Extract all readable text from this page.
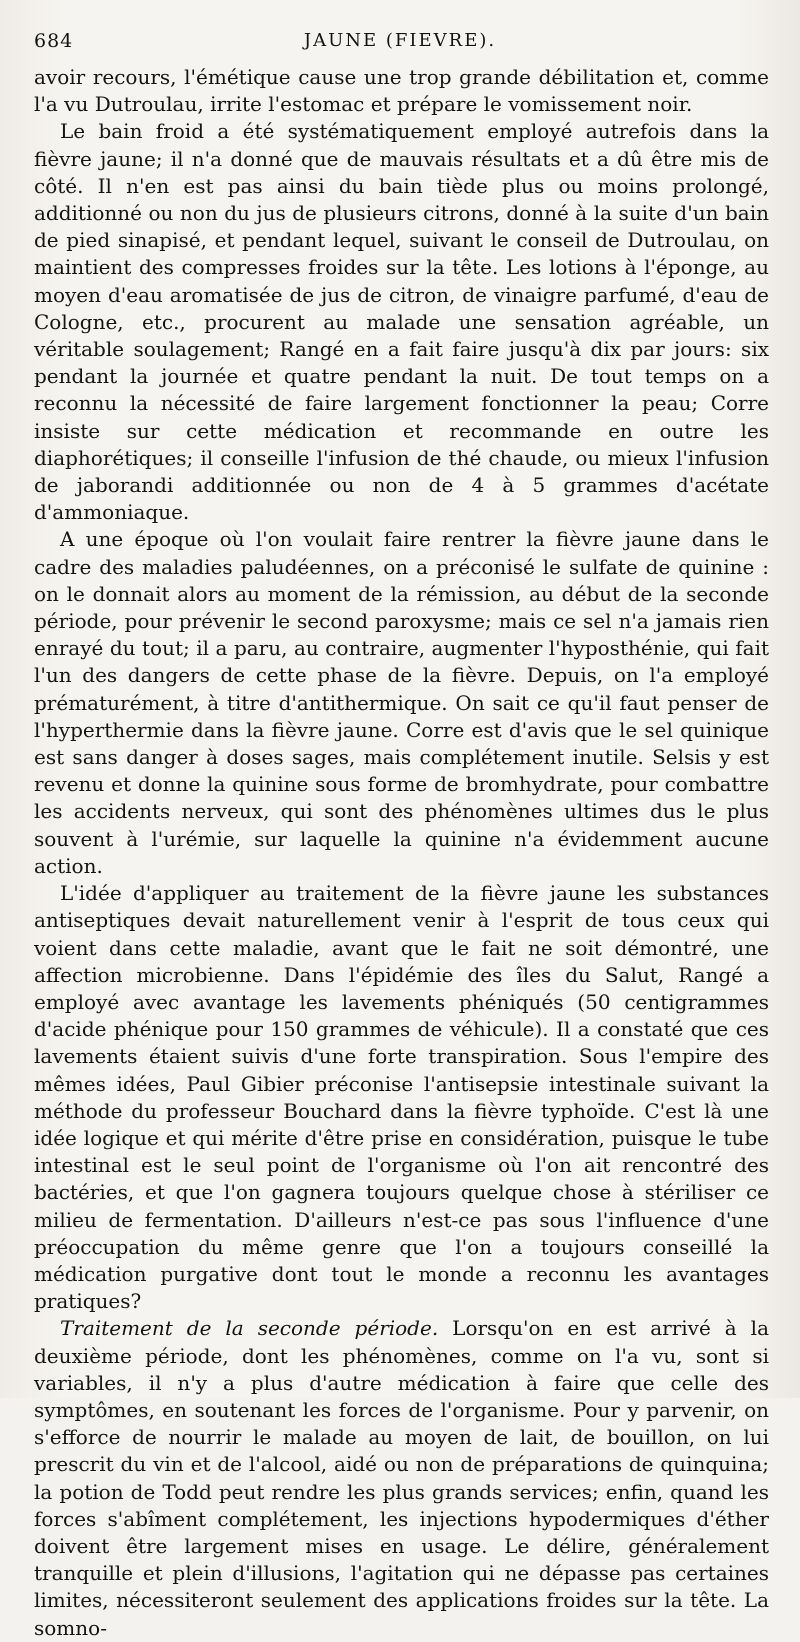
684	JAUNE (FIEVRE).

avoir recours, l'émétique cause une trop grande débilitation et, comme l'a vu Dutroulau, irrite l'estomac et prépare le vomissement noir.

Le bain froid a été systématiquement employé autrefois dans la fièvre jaune; il n'a donné que de mauvais résultats et a dû être mis de côté. Il n'en est pas ainsi du bain tiède plus ou moins prolongé, additionné ou non du jus de plusieurs citrons, donné à la suite d'un bain de pied sinapisé, et pendant lequel, suivant le conseil de Dutroulau, on maintient des compresses froides sur la tête. Les lotions à l'éponge, au moyen d'eau aromatisée de jus de citron, de vinaigre parfumé, d'eau de Cologne, etc., procurent au malade une sensation agréable, un véritable soulagement; Rangé en a fait faire jusqu'à dix par jours: six pendant la journée et quatre pendant la nuit. De tout temps on a reconnu la nécessité de faire largement fonctionner la peau; Corre insiste sur cette médication et recommande en outre les diaphorétiques; il conseille l'infusion de thé chaude, ou mieux l'infusion de jaborandi additionnée ou non de 4 à 5 grammes d'acétate d'ammoniaque.

A une époque où l'on voulait faire rentrer la fièvre jaune dans le cadre des maladies paludéennes, on a préconisé le sulfate de quinine : on le donnait alors au moment de la rémission, au début de la seconde période, pour prévenir le second paroxysme; mais ce sel n'a jamais rien enrayé du tout; il a paru, au contraire, augmenter l'hyposthénie, qui fait l'un des dangers de cette phase de la fièvre. Depuis, on l'a employé prématurément, à titre d'antithermique. On sait ce qu'il faut penser de l'hyperthermie dans la fièvre jaune. Corre est d'avis que le sel quinique est sans danger à doses sages, mais complétement inutile. Selsis y est revenu et donne la quinine sous forme de bromhydrate, pour combattre les accidents nerveux, qui sont des phénomènes ultimes dus le plus souvent à l'urémie, sur laquelle la quinine n'a évidemment aucune action.

L'idée d'appliquer au traitement de la fièvre jaune les substances antiseptiques devait naturellement venir à l'esprit de tous ceux qui voient dans cette maladie, avant que le fait ne soit démontré, une affection microbienne. Dans l'épidémie des îles du Salut, Rangé a employé avec avantage les lavements phéniqués (50 centigrammes d'acide phénique pour 150 grammes de véhicule). Il a constaté que ces lavements étaient suivis d'une forte transpiration. Sous l'empire des mêmes idées, Paul Gibier préconise l'antisepsie intestinale suivant la méthode du professeur Bouchard dans la fièvre typhoïde. C'est là une idée logique et qui mérite d'être prise en considération, puisque le tube intestinal est le seul point de l'organisme où l'on ait rencontré des bactéries, et que l'on gagnera toujours quelque chose à stériliser ce milieu de fermentation. D'ailleurs n'est-ce pas sous l'influence d'une préoccupation du même genre que l'on a toujours conseillé la médication purgative dont tout le monde a reconnu les avantages pratiques?

Traitement de la seconde période. Lorsqu'on en est arrivé à la deuxième période, dont les phénomènes, comme on l'a vu, sont si variables, il n'y a plus d'autre médication à faire que celle des symptômes, en soutenant les forces de l'organisme. Pour y parvenir, on s'efforce de nourrir le malade au moyen de lait, de bouillon, on lui prescrit du vin et de l'alcool, aidé ou non de préparations de quinquina; la potion de Todd peut rendre les plus grands services; enfin, quand les forces s'abîment complétement, les injections hypodermiques d'éther doivent être largement mises en usage. Le délire, généralement tranquille et plein d'illusions, l'agitation qui ne dépasse pas certaines limites, nécessiteront seulement des applications froides sur la tête. La somno-
